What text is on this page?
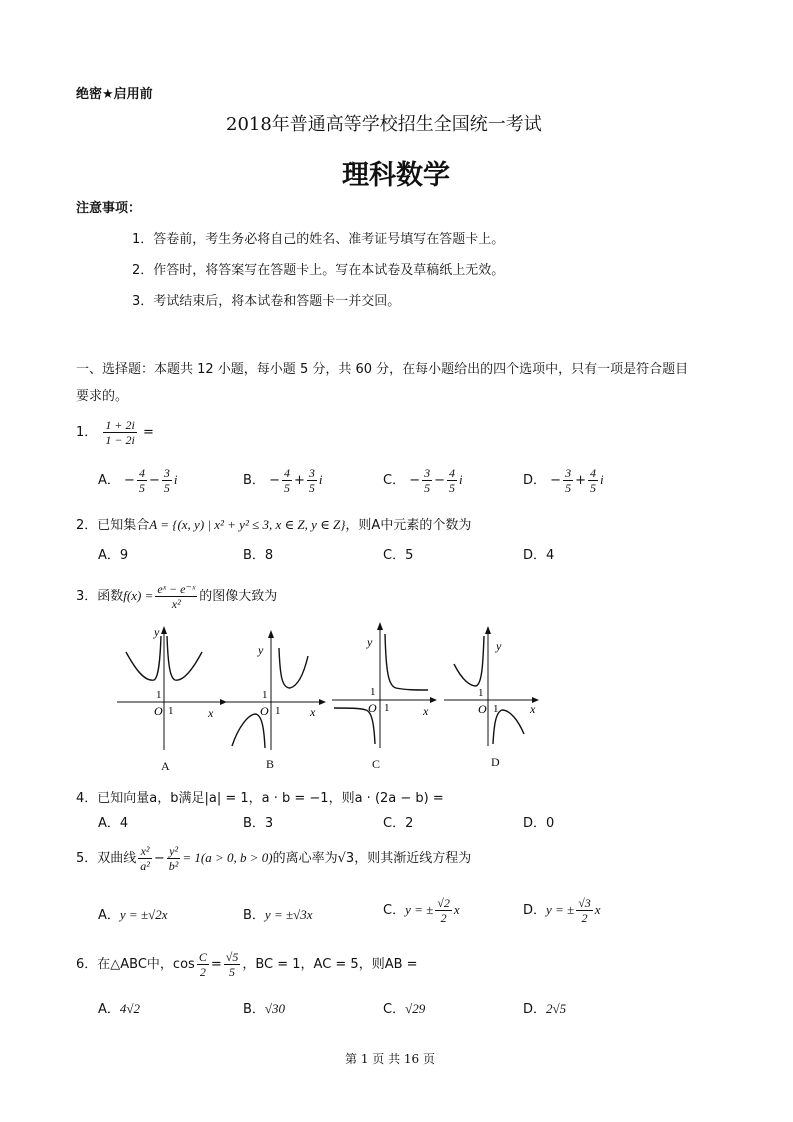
绝密★启用前
2018年普通高等学校招生全国统一考试
理科数学
注意事项：
1．答卷前，考生务必将自己的姓名、准考证号填写在答题卡上。
2．作答时，将答案写在答题卡上。写在本试卷及草稿纸上无效。
3．考试结束后，将本试卷和答题卡一并交回。
一、选择题：本题共 12 小题，每小题 5 分，共 60 分，在每小题给出的四个选项中，只有一项是符合题目
要求的。
1． $\frac{1 + 2i}{1 - 2i}$ =
A． − $\frac{4}{5} - \frac{3}{5}$ i	B． − $\frac{4}{5} + \frac{3}{5}$ i	C． − $\frac{3}{5} - \frac{4}{5}$ i	D． − $\frac{3}{5} + \frac{4}{5}$ i
2．已知集合A = {(x, y) | x² + y² ≤ 3, x ∈ Z, y ∈ Z}，则A中元素的个数为
A．9	B．8	C．5	D．4
3．函数$f(x) = \frac{\text{eˣ − e⁻ˣ}}{\text{x²}}$ 的图像大致为
1
O 1	x
y
A
1
O 1 x
y
B
1
O 1	x
y
C
1
O 1	x
y
D
4．已知向量a，b满足|a| = 1，a · b = −1，则a · (2a − b) =
A．4	B．3	C．2	D．0
5．双曲线 $\frac{\text{x²}}{\text{a²}} - \frac{\text{y²}}{\text{b²}} = 1(a > 0$, b > 0)的离心率为√3，则其渐近线方程为
A．y = ±√2x	B．y = ±√3x	C．y = ± $\frac{√2}{2}$ x	D．y = ± $\frac{√3}{2}$ x
6．在△ABC中，$\cos \frac{C}{2} = \frac{√5}{5}$ ，BC = 1，AC = 5，则AB =
A．4√2	B．√30	C．√29	D．2√5
第 1 页 共 16 页
